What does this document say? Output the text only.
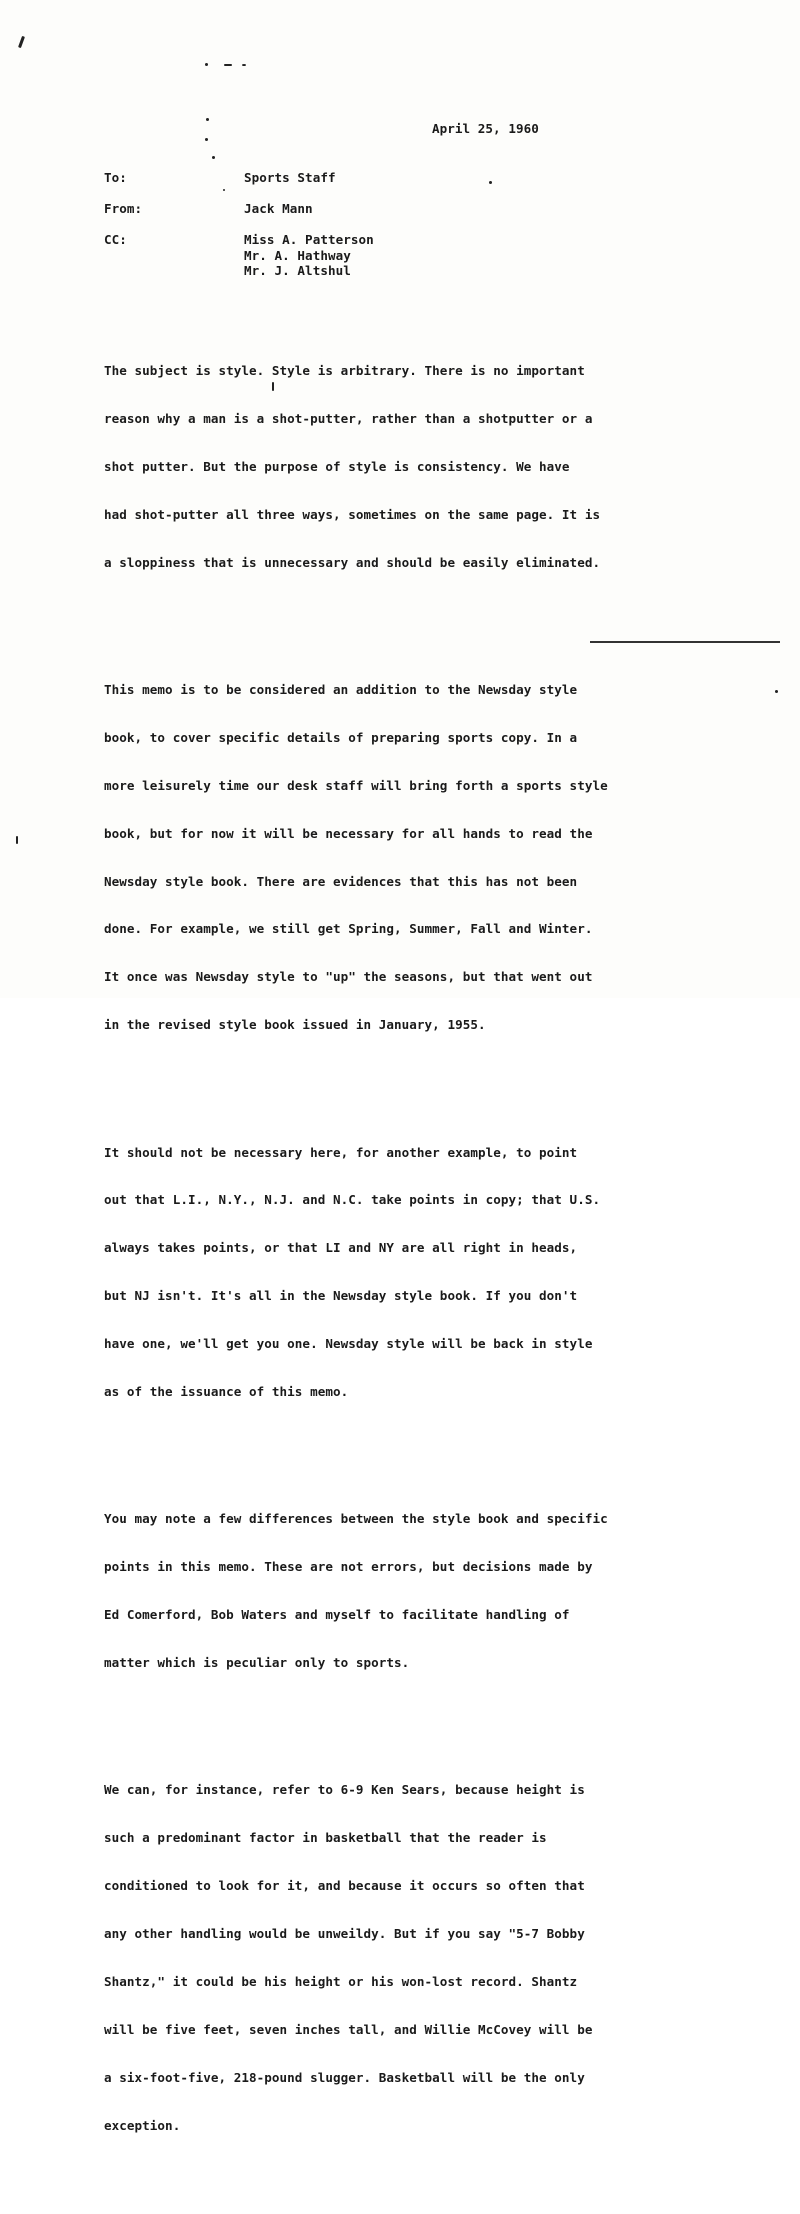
April 25, 1960
To:	Sports Staff
From:	Jack Mann
CC:	Miss A. Patterson
Mr. A. Hathway
Mr. J. Altshul

The subject is style. Style is arbitrary. There is no important

reason why a man is a shot-putter, rather than a shotputter or a

shot putter. But the purpose of style is consistency. We have

had shot-putter all three ways, sometimes on the same page. It is

a sloppiness that is unnecessary and should be easily eliminated.

This memo is to be considered an addition to the Newsday style

book, to cover specific details of preparing sports copy. In a

more leisurely time our desk staff will bring forth a sports style

book, but for now it will be necessary for all hands to read the

Newsday style book. There are evidences that this has not been

done. For example, we still get Spring, Summer, Fall and Winter.

It once was Newsday style to "up" the seasons, but that went out

in the revised style book issued in January, 1955.

It should not be necessary here, for another example, to point

out that L.I., N.Y., N.J. and N.C. take points in copy; that U.S.

always takes points, or that LI and NY are all right in heads,

but NJ isn't. It's all in the Newsday style book. If you don't

have one, we'll get you one. Newsday style will be back in style

as of the issuance of this memo.

You may note a few differences between the style book and specific

points in this memo. These are not errors, but decisions made by

Ed Comerford, Bob Waters and myself to facilitate handling of

matter which is peculiar only to sports.

We can, for instance, refer to 6-9 Ken Sears, because height is

such a predominant factor in basketball that the reader is

conditioned to look for it, and because it occurs so often that

any other handling would be unweildy. But if you say "5-7 Bobby

Shantz," it could be his height or his won-lost record. Shantz

will be five feet, seven inches tall, and Willie McCovey will be

a six-foot-five, 218-pound slugger. Basketball will be the only

exception.
